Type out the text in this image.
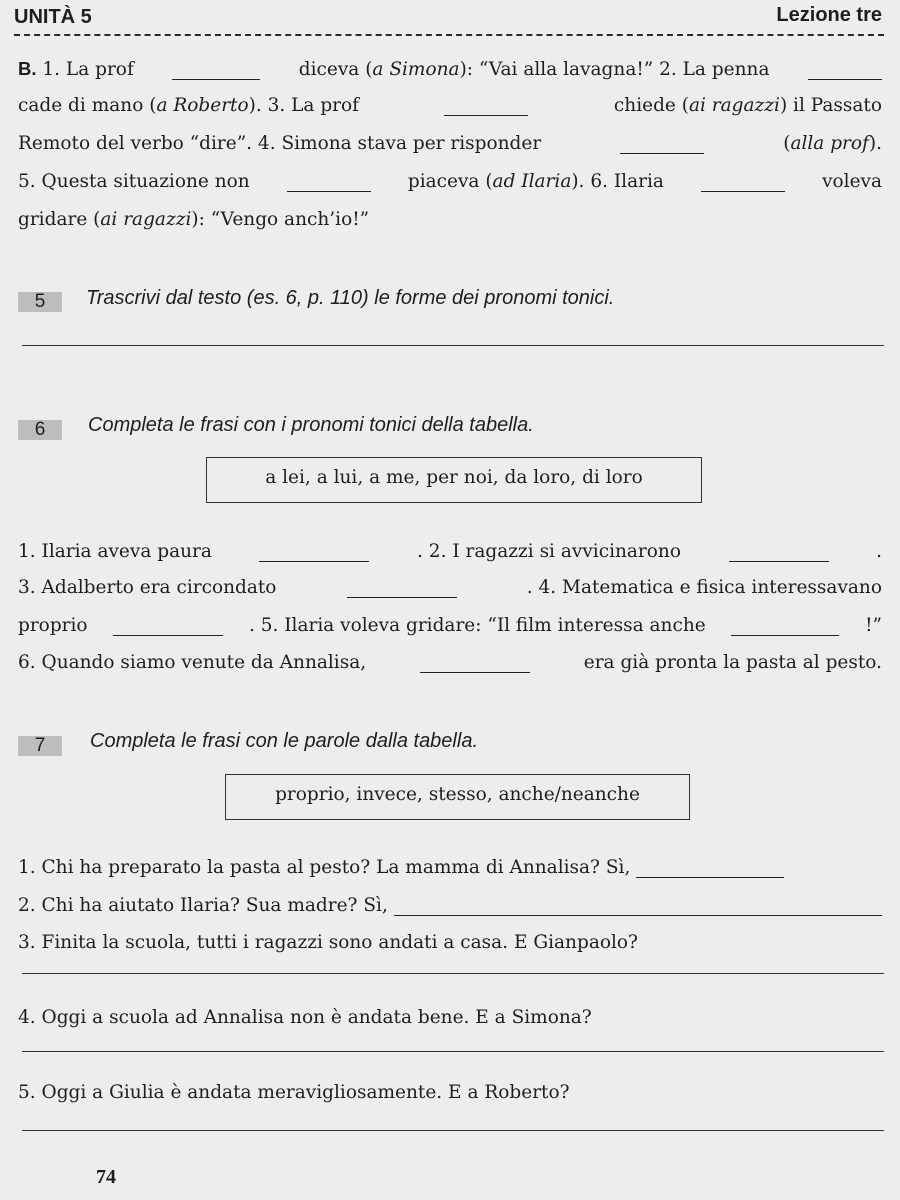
UNITÀ 5	Lezione tre
B. 1. La prof	diceva (a Simona): “Vai alla lavagna!” 2. La penna
cade di mano (a Roberto). 3. La prof	chiede (ai ragazzi) il Passato
Remoto del verbo “dire”. 4. Simona stava per risponder	(alla prof).
5. Questa situazione non	piaceva (ad Ilaria). 6. Ilaria	voleva
gridare (ai ragazzi): “Vengo anch’io!”
5	Trascrivi dal testo (es. 6, p. 110) le forme dei pronomi tonici.
6	Completa le frasi con i pronomi tonici della tabella.
a lei, a lui, a me, per noi, da loro, di loro
1. Ilaria aveva paura	. 2. I ragazzi si avvicinarono	.
3. Adalberto era circondato	. 4. Matematica e fisica interessavano
proprio	. 5. Ilaria voleva gridare: “Il film interessa anche	!”
6. Quando siamo venute da Annalisa,	era già pronta la pasta al pesto.
7	Completa le frasi con le parole dalla tabella.
proprio, invece, stesso, anche/neanche
1. Chi ha preparato la pasta al pesto? La mamma di Annalisa? Sì,
2. Chi ha aiutato Ilaria? Sua madre? Sì,
3. Finita la scuola, tutti i ragazzi sono andati a casa. E Gianpaolo?
4. Oggi a scuola ad Annalisa non è andata bene. E a Simona?
5. Oggi a Giulia è andata meravigliosamente. E a Roberto?
74
